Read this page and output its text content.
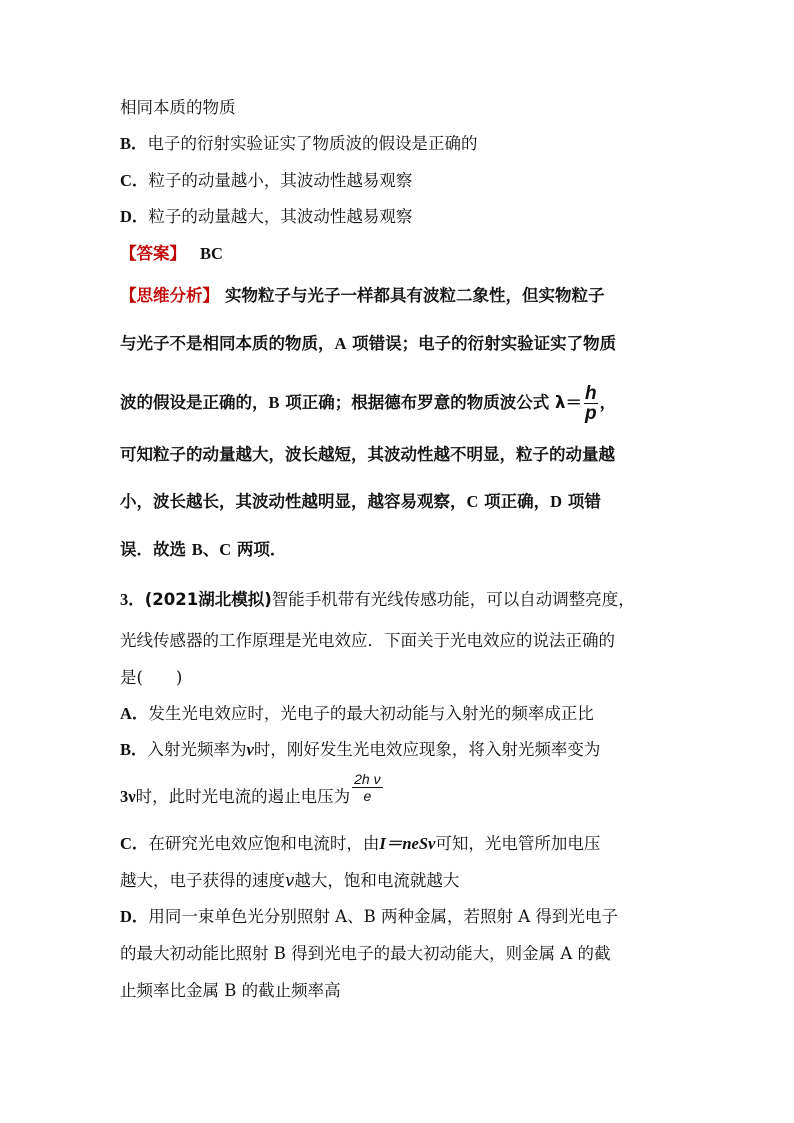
相同本质的物质
B．电子的衍射实验证实了物质波的假设是正确的
C．粒子的动量越小，其波动性越易观察
D．粒子的动量越大，其波动性越易观察
【答案】 BC
【思维分析】 实物粒子与光子一样都具有波粒二象性，但实物粒子
与光子不是相同本质的物质，A 项错误；电子的衍射实验证实了物质
波的假设是正确的，B 项正确；根据德布罗意的物质波公式 $\lambda= \frac{h}{p}$ ，
可知粒子的动量越大，波长越短，其波动性越不明显，粒子的动量越
小，波长越长，其波动性越明显，越容易观察，C 项正确，D 项错
误．故选 B、C 两项．
3．(2021湖北模拟)智能手机带有光线传感功能，可以自动调整亮度，
光线传感器的工作原理是光电效应．下面关于光电效应的说法正确的
是(　　)
A．发生光电效应时，光电子的最大初动能与入射光的频率成正比
B．入射光频率为ν时，刚好发生光电效应现象，将入射光频率变为
3ν时，此时光电流的遏止电压为 $\frac{\text{2h ν}}{e}$
C．在研究光电效应饱和电流时，由I＝neSv可知，光电管所加电压
越大，电子获得的速度v越大，饱和电流就越大
D．用同一束单色光分别照射 A、B 两种金属，若照射 A 得到光电子
的最大初动能比照射 B 得到光电子的最大初动能大，则金属 A 的截
止频率比金属 B 的截止频率高
